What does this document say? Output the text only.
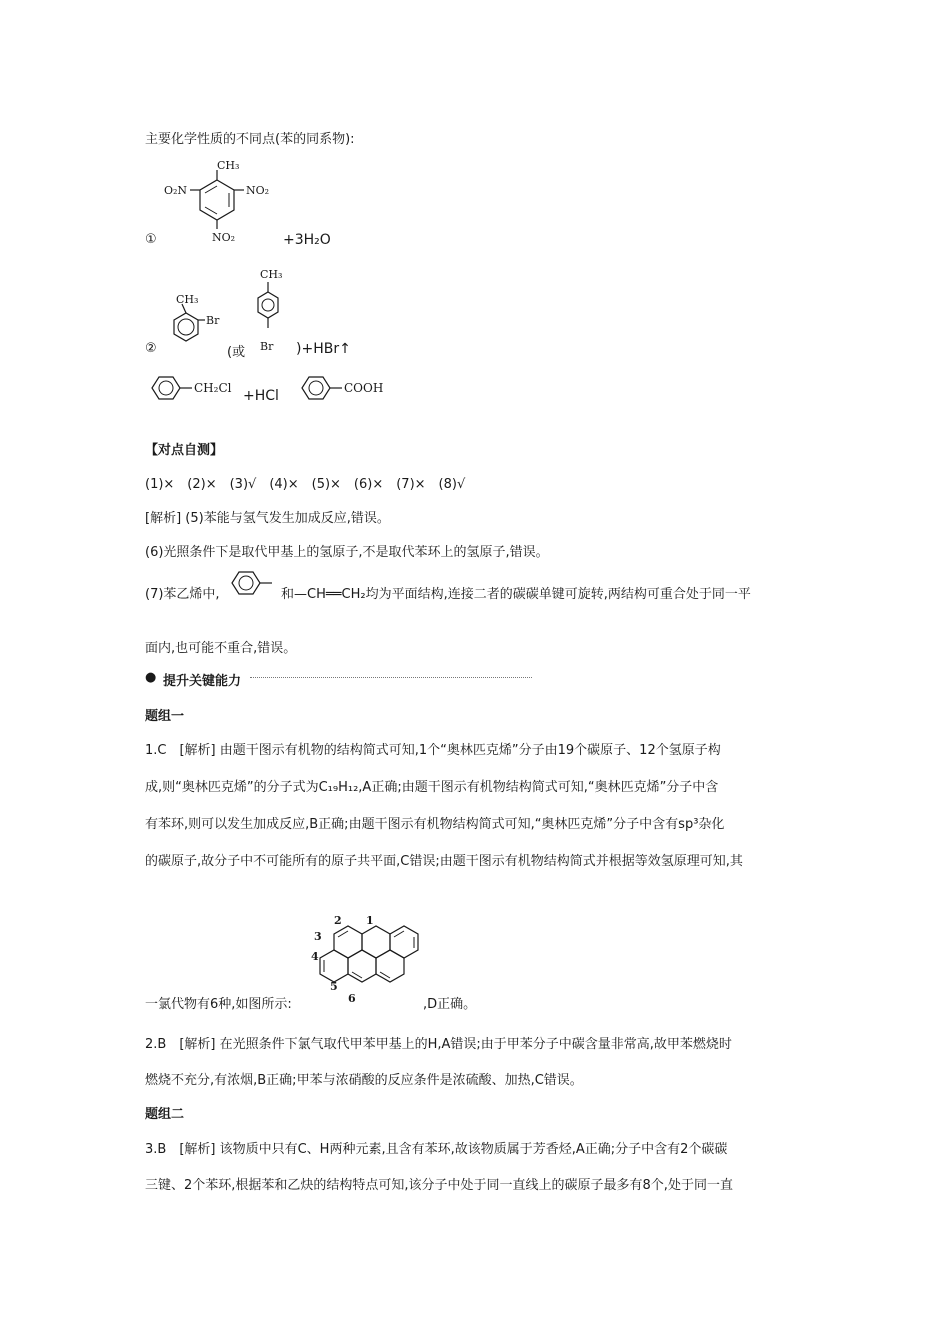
主要化学性质的不同点(苯的同系物):
①
CH₃
O₂N	NO₂
NO₂	+3H₂O
②
CH₃
Br
(或
CH₃
Br )+HBr↑
CH₂Cl +HCl	COOH
【对点自测】
(1)×　(2)×　(3)√　(4)×　(5)×　(6)×　(7)×　(8)√
[解析] (5)苯能与氢气发生加成反应,错误。
(6)光照条件下是取代甲基上的氢原子,不是取代苯环上的氢原子,错误。
(7)苯乙烯中,	和—CH══CH₂均为平面结构,连接二者的碳碳单键可旋转,两结构可重合处于同一平
面内,也可能不重合,错误。
● 提升关键能力
题组一
1.C　[解析] 由题干图示有机物的结构简式可知,1个“奥林匹克烯”分子由19个碳原子、12个氢原子构
成,则“奥林匹克烯”的分子式为C₁₉H₁₂,A正确;由题干图示有机物结构简式可知,“奥林匹克烯”分子中含
有苯环,则可以发生加成反应,B正确;由题干图示有机物结构简式可知,“奥林匹克烯”分子中含有sp³杂化
的碳原子,故分子中不可能所有的原子共平面,C错误;由题干图示有机物结构简式并根据等效氢原理可知,其
一氯代物有6种,如图所示:
2 1
3
4
5
6	,D正确。
2.B　[解析] 在光照条件下氯气取代甲苯甲基上的H,A错误;由于甲苯分子中碳含量非常高,故甲苯燃烧时
燃烧不充分,有浓烟,B正确;甲苯与浓硝酸的反应条件是浓硫酸、加热,C错误。
题组二
3.B　[解析] 该物质中只有C、H两种元素,且含有苯环,故该物质属于芳香烃,A正确;分子中含有2个碳碳
三键、2个苯环,根据苯和乙炔的结构特点可知,该分子中处于同一直线上的碳原子最多有8个,处于同一直
